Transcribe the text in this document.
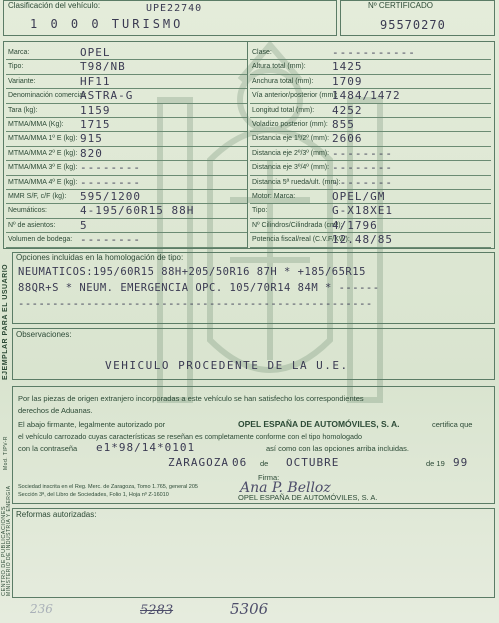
Clasificación del vehículo:	UPE22740
1 0 0 0 TURISMO
Nº CERTIFICADO
95570270
Marca:	OPEL
Tipo:	T98/NB
Variante:	HF11
Denominación comercial:
ASTRA-G
Tara (kg):	1159
MTMA/MMA (Kg): 1715
MTMA/MMA 1º E (kg): 915
MTMA/MMA 2º E (kg): 820
MTMA/MMA 3º E (kg): --------
MTMA/MMA 4º E (kg): --------
MMR S/F, c/F (kg): 595/1200
Neumáticos:	4-195/60R15 88H
Nº de asientos: 5
Volumen de bodega: --------
Clase:	-----------
Altura total (mm): 1425
Anchura total (mm): 1709
Vía anterior/posterior (mm):
1484/1472
Longitud total (mm): 4252
Voladizo posterior (mm): 855
Distancia eje 1º/2º (mm): 2606
Distancia eje 2º/3º (mm): --------
Distancia eje 3º/4º (mm): --------
Distancia 5ª rueda/ult. (mm):
--------
Motor: Marca:	OPEL/GM
Tipo:	G-X18XE1
Nº Cilindros/Cilindrada (cm³):
4/1796
Potencia fiscal/real (C.V.F/KW):
12.48/85
Opciones incluidas en la homologación de tipo:
NEUMATICOS:195/60R15 88H+205/50R16 87H * +185/65R15
88QR+S * NEUM. EMERGENCIA OPC. 105/70R14 84M * ------
----------------------------------------------------
Observaciones:
VEHICULO PROCEDENTE DE LA U.E.
Por las piezas de origen extranjero incorporadas a este vehículo se han satisfecho los correspondientes
derechos de Aduanas.
El abajo firmante, legalmente autorizado por	OPEL ESPAÑA DE AUTOMÓVILES, S. A.	certifica que
el vehículo carrozado cuyas características se reseñan es completamente conforme con el tipo homologado
con la contraseña e1*98/14*0101	así como con las opciones arriba incluidas.
ZARAGOZA 06 de OCTUBRE	de 19 99
Firma:
Ana P. Belloz
OPEL ESPAÑA DE AUTOMÓVILES, S. A.
Sociedad inscrita en el Reg. Merc. de Zaragoza, Tomo 1.765, general 205
Sección 3ª, del Libro de Sociedades, Folio 1, Hoja nº Z-16010
Reformas autorizadas:
EJEMPLAR PARA EL USUARIO
CENTRO DE PUBLICACIONES MINISTERIO DE INDUSTRIA Y ENERGIA
Mod. TIPV-R
236	5283	5306
